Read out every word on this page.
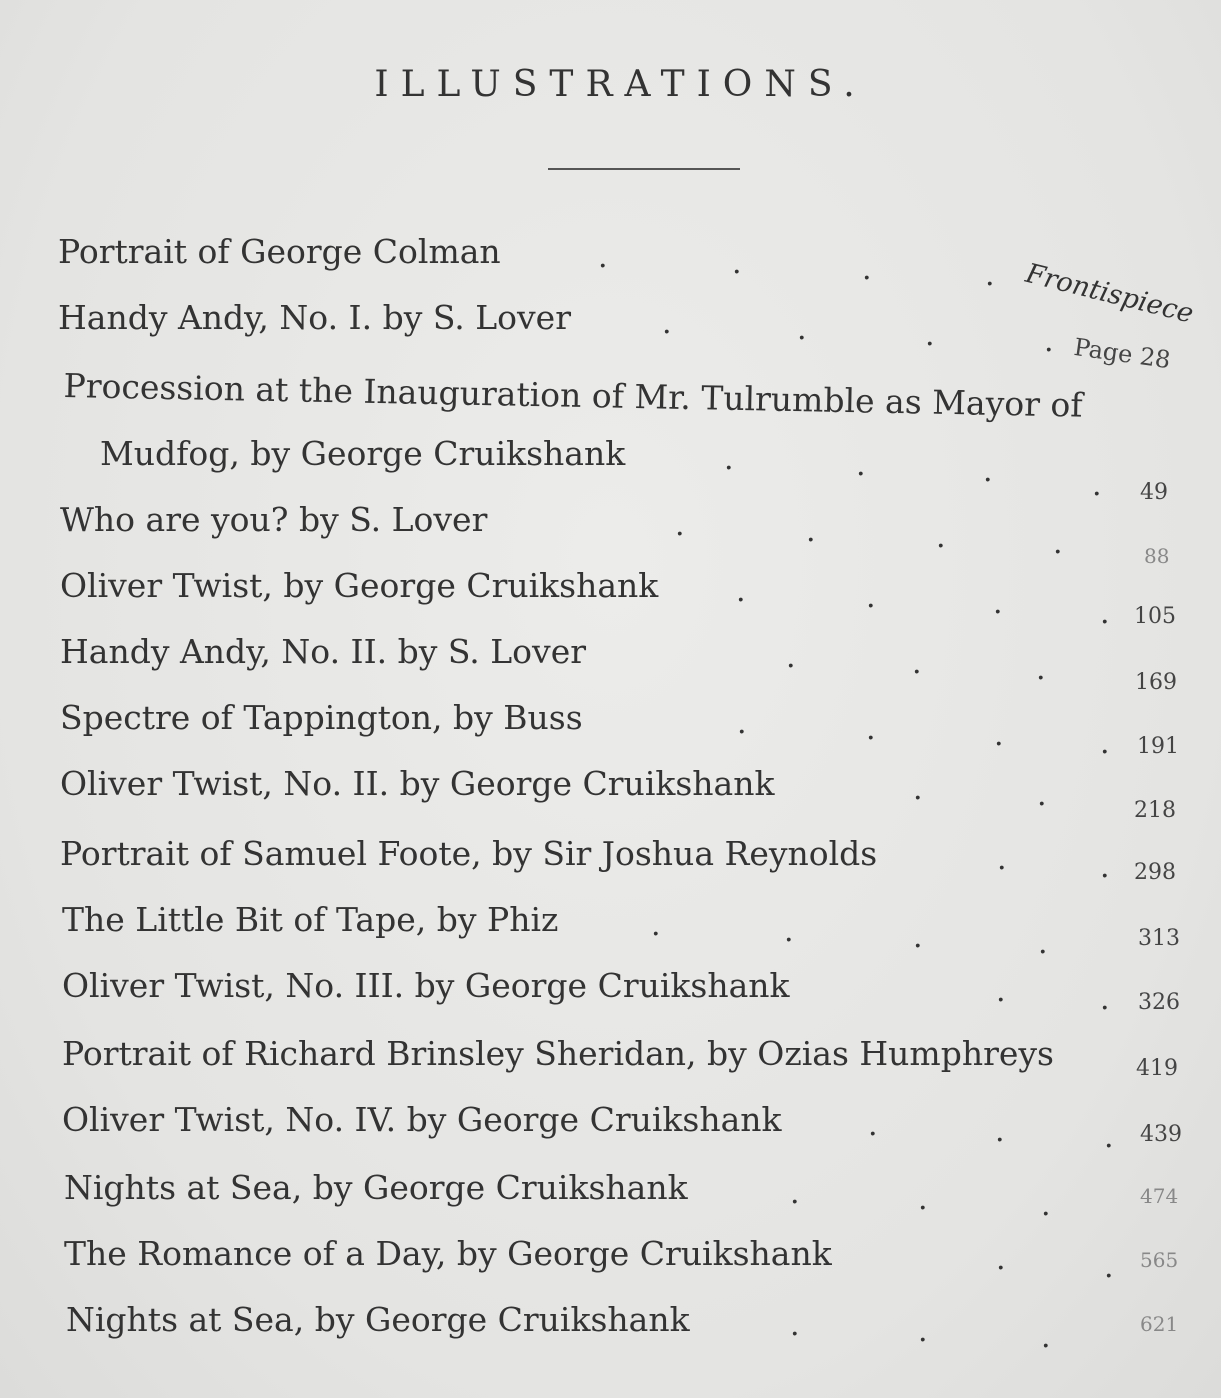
ILLUSTRATIONS.
Portrait of George Colman	.	.	.	. Frontispiece
Handy Andy, No. I. by S. Lover	.	.	.	. Page 28
Procession at the Inauguration of Mr. Tulrumble as Mayor of
Mudfog, by George Cruikshank	.	.	.	. 49
Who are you? by S. Lover	.	.	.	.	88
Oliver Twist, by George Cruikshank	.	.	.	. 105
Handy Andy, No. II. by S. Lover	.	.	.	169
Spectre of Tappington, by Buss	.	.	.	. 191
Oliver Twist, No. II. by George Cruikshank	.	.	218
Portrait of Samuel Foote, by Sir Joshua Reynolds	.	. 298
The Little Bit of Tape, by Phiz	.	.	.	.	313
Oliver Twist, No. III. by George Cruikshank	.	. 326
Portrait of Richard Brinsley Sheridan, by Ozias Humphreys	419
Oliver Twist, No. IV. by George Cruikshank	.	.	. 439
Nights at Sea, by George Cruikshank	.	.	.	474
The Romance of a Day, by George Cruikshank	.	. 565
Nights at Sea, by George Cruikshank	.	.	.	621
